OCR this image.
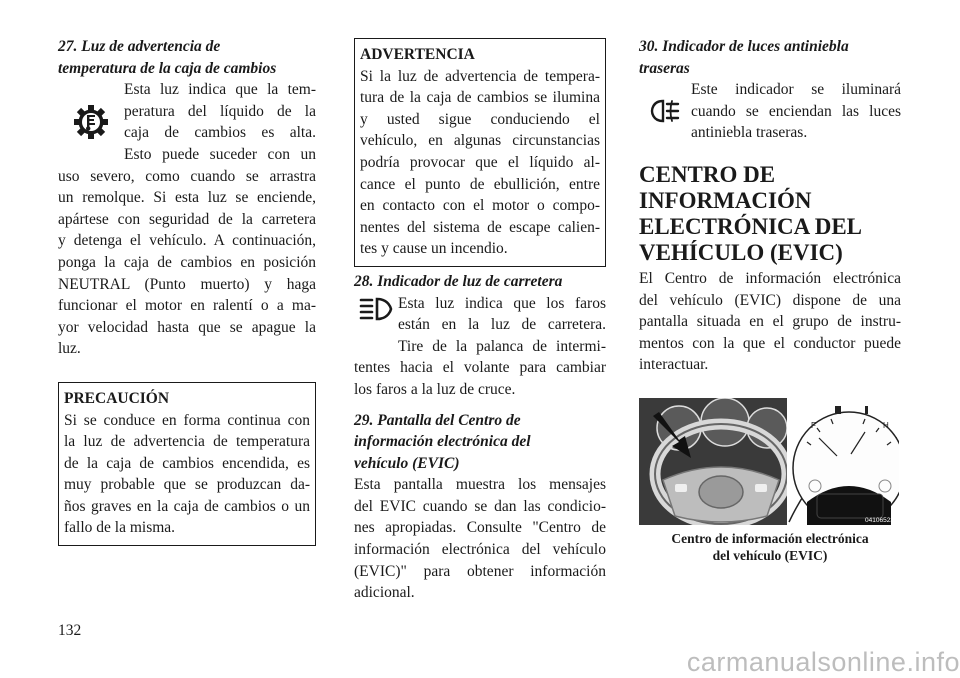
27. Luz de advertencia de

temperatura de la caja de cambios

Esta luz indica que la tem-

peratura del líquido de la

caja de cambios es alta.

Esto puede suceder con un

uso severo, como cuando se arrastra

un remolque. Si esta luz se enciende,

apártese con seguridad de la carretera

y detenga el vehículo. A continuación,

ponga la caja de cambios en posición

NEUTRAL (Punto muerto) y haga

funcionar el motor en ralentí o a ma-

yor velocidad hasta que se apague la

luz.

PRECAUCIÓN

Si se conduce en forma continua con

la luz de advertencia de temperatura

de la caja de cambios encendida, es

muy probable que se produzcan da-

ños graves en la caja de cambios o un

fallo de la misma.

ADVERTENCIA

Si la luz de advertencia de tempera-

tura de la caja de cambios se ilumina

y usted sigue conduciendo el

vehículo, en algunas circunstancias

podría provocar que el líquido al-

cance el punto de ebullición, entre

en contacto con el motor o compo-

nentes del sistema de escape calien-

tes y cause un incendio.

28. Indicador de luz de carretera

Esta luz indica que los faros

están en la luz de carretera.

Tire de la palanca de intermi-

tentes hacia el volante para cambiar

los faros a la luz de cruce.

29. Pantalla del Centro de

información electrónica del

vehículo (EVIC)

Esta pantalla muestra los mensajes

del EVIC cuando se dan las condicio-

nes apropiadas. Consulte "Centro de

información electrónica del vehículo

(EVIC)" para obtener información

adicional.

30. Indicador de luces antiniebla

traseras

Este indicador se iluminará

cuando se enciendan las luces

antiniebla traseras.

CENTRO DE
INFORMACIÓN
ELECTRÓNICA DEL
VEHÍCULO (EVIC)

El Centro de información electrónica

del vehículo (EVIC) dispone de una

pantalla situada en el grupo de instru-

mentos con la que el conductor puede

interactuar.

F	H
041065232
Centro de información electrónica
del vehículo (EVIC)
132
carmanualsonline.info
